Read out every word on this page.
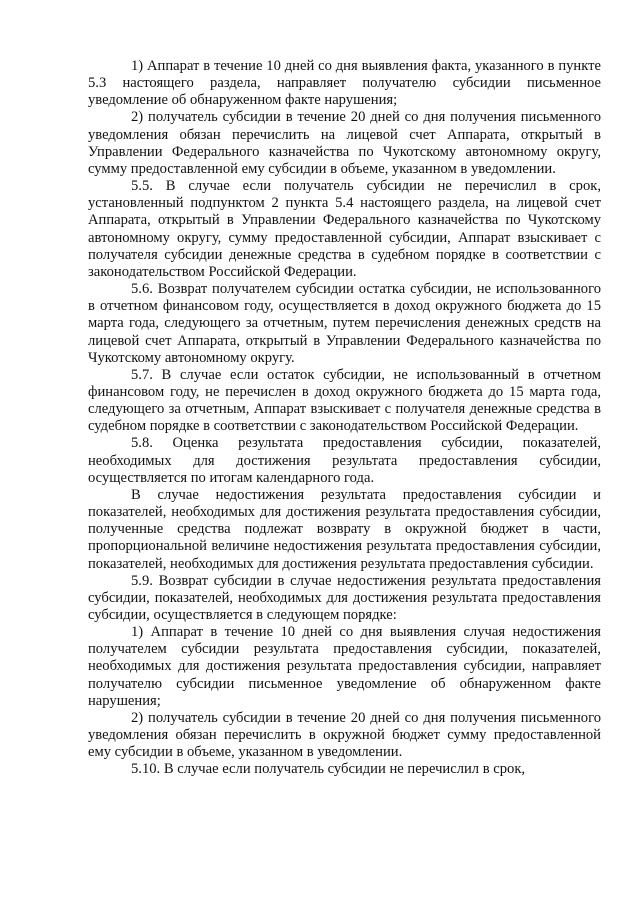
1) Аппарат в течение 10 дней со дня выявления факта, указанного в пункте 5.3 настоящего раздела, направляет получателю субсидии письменное уведомление об обнаруженном факте нарушения;

2) получатель субсидии в течение 20 дней со дня получения письменного уведомления обязан перечислить на лицевой счет Аппарата, открытый в Управлении Федерального казначейства по Чукотскому автономному округу, сумму предоставленной ему субсидии в объеме, указанном в уведомлении.

5.5. В случае если получатель субсидии не перечислил в срок, установленный подпунктом 2 пункта 5.4 настоящего раздела, на лицевой счет Аппарата, открытый в Управлении Федерального казначейства по Чукотскому автономному округу, сумму предоставленной субсидии, Аппарат взыскивает с получателя субсидии денежные средства в судебном порядке в соответствии с законодательством Российской Федерации.

5.6. Возврат получателем субсидии остатка субсидии, не использованного в отчетном финансовом году, осуществляется в доход окружного бюджета до 15 марта года, следующего за отчетным, путем перечисления денежных средств на лицевой счет Аппарата, открытый в Управлении Федерального казначейства по Чукотскому автономному округу.

5.7. В случае если остаток субсидии, не использованный в отчетном финансовом году, не перечислен в доход окружного бюджета до 15 марта года, следующего за отчетным, Аппарат взыскивает с получателя денежные средства в судебном порядке в соответствии с законодательством Российской Федерации.

5.8. Оценка результата предоставления субсидии, показателей, необходимых для достижения результата предоставления субсидии, осуществляется по итогам календарного года.

В случае недостижения результата предоставления субсидии и показателей, необходимых для достижения результата предоставления субсидии, полученные средства подлежат возврату в окружной бюджет в части, пропорциональной величине недостижения результата предоставления субсидии, показателей, необходимых для достижения результата предоставления субсидии.

5.9. Возврат субсидии в случае недостижения результата предоставления субсидии, показателей, необходимых для достижения результата предоставления субсидии, осуществляется в следующем порядке:

1) Аппарат в течение 10 дней со дня выявления случая недостижения получателем субсидии результата предоставления субсидии, показателей, необходимых для достижения результата предоставления субсидии, направляет получателю субсидии письменное уведомление об обнаруженном факте нарушения;

2) получатель субсидии в течение 20 дней со дня получения письменного уведомления обязан перечислить в окружной бюджет сумму предоставленной ему субсидии в объеме, указанном в уведомлении.

5.10. В случае если получатель субсидии не перечислил в срок,
